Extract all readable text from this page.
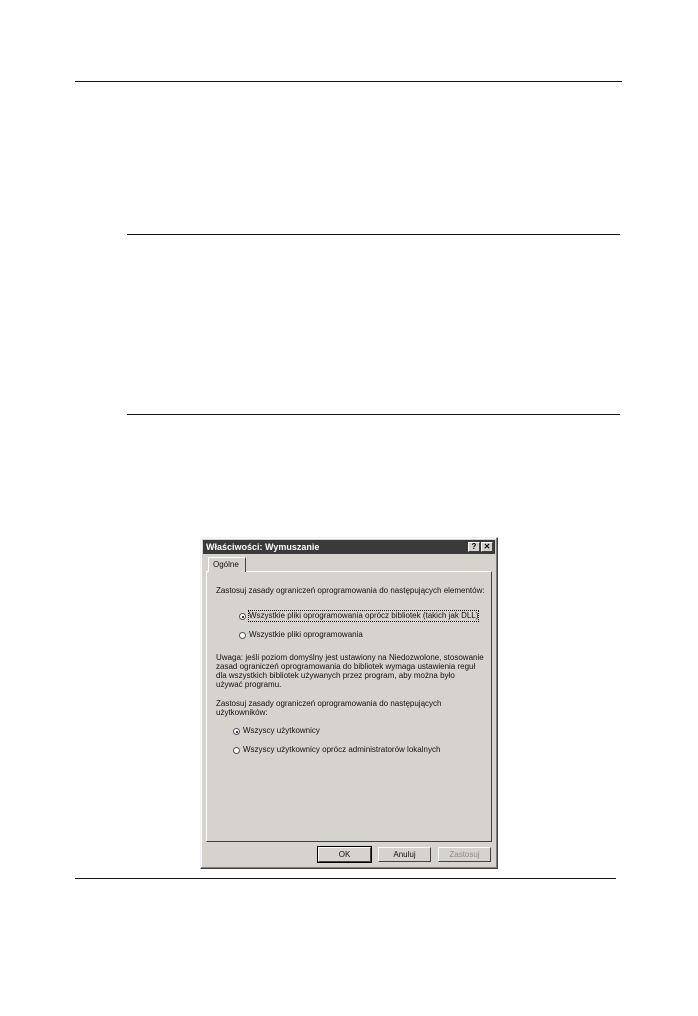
Właściwości: Wymuszanie	? ✕
Ogólne
Zastosuj zasady ograniczeń oprogramowania do następujących elementów:
Wszystkie pliki oprogramowania oprócz bibliotek (takich jak DLL)
Wszystkie pliki oprogramowania
Uwaga: jeśli poziom domyślny jest ustawiony na Niedozwolone, stosowanie
zasad ograniczeń oprogramowania do bibliotek wymaga ustawienia reguł
dla wszystkich bibliotek używanych przez program, aby można było
używać programu.
Zastosuj zasady ograniczeń oprogramowania do następujących
użytkowników:
Wszyscy użytkownicy
Wszyscy użytkownicy oprócz administratorów lokalnych
OK	Anuluj	Zastosuj
